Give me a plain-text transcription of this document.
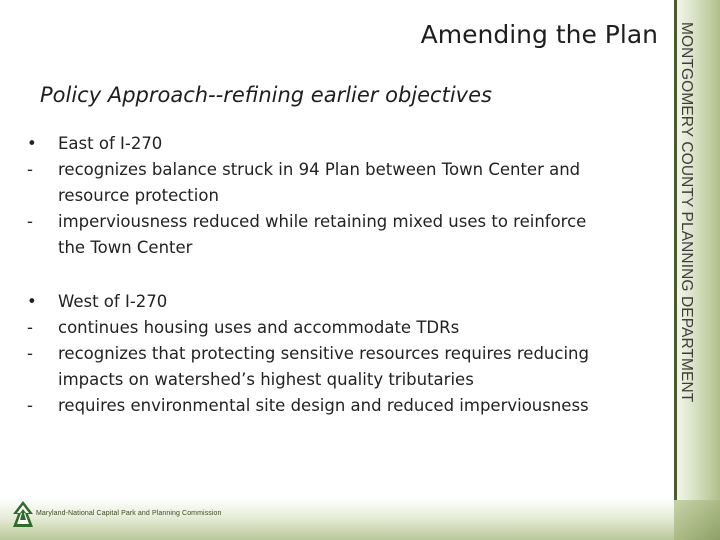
MONTGOMERY COUNTY PLANNING DEPARTMENT
Amending the Plan
Policy Approach--refining earlier objectives
•	East of I-270
-	recognizes balance struck in 94 Plan between Town Center and
resource protection
-	imperviousness reduced while retaining mixed uses to reinforce
the Town Center
•	West of I-270
-	continues housing uses and accommodate TDRs
-	recognizes that protecting sensitive resources requires reducing
impacts on watershed’s highest quality tributaries
-	requires environmental site design and reduced imperviousness
Maryland-National Capital Park and Planning Commission
